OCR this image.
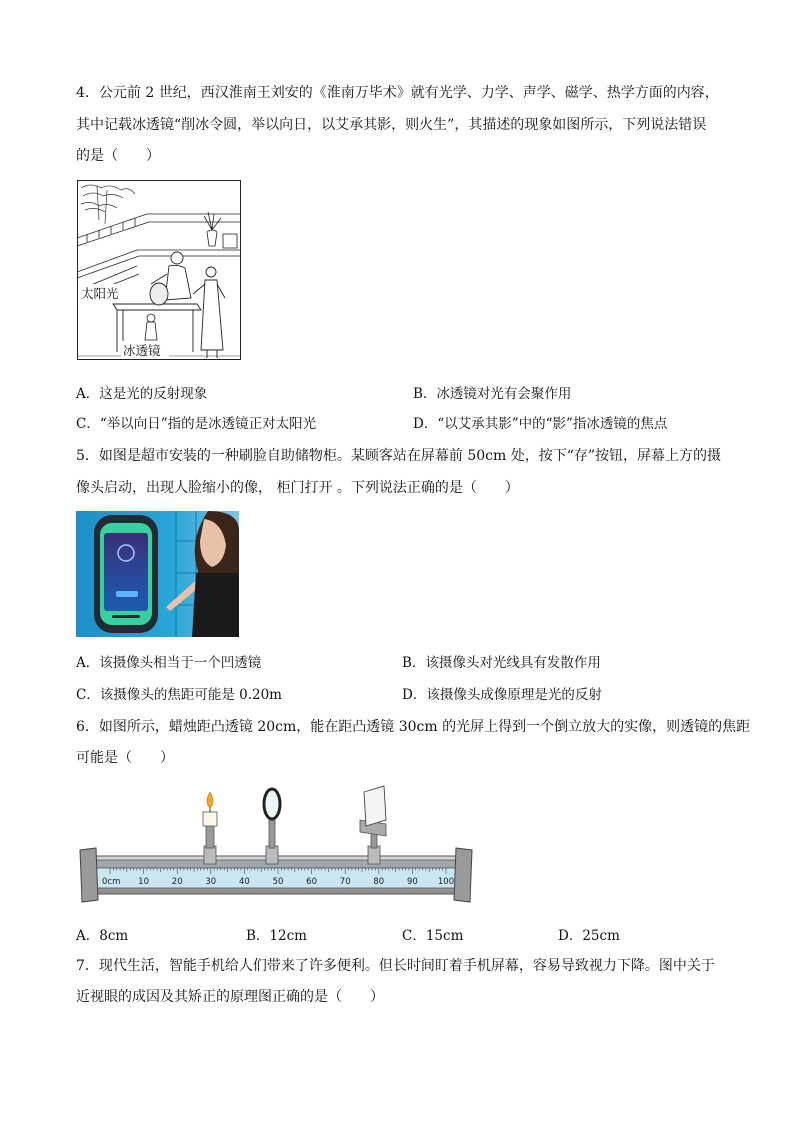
4．公元前 2 世纪，西汉淮南王刘安的《淮南万毕术》就有光学、力学、声学、磁学、热学方面的内容，
其中记载冰透镜“削冰令圆，举以向日，以艾承其影，则火生”，其描述的现象如图所示，下列说法错误
的是（　　）
太阳光
冰透镜
A．这是光的反射现象	B．冰透镜对光有会聚作用
C．“举以向日”指的是冰透镜正对太阳光	D．“以艾承其影”中的“影”指冰透镜的焦点
5．如图是超市安装的一种刷脸自助储物柜。某顾客站在屏幕前 50cm 处，按下“存”按钮，屏幕上方的摄
像头启动，出现人脸缩小的像， 柜门打开 。下列说法正确的是（　　）
A．该摄像头相当于一个凹透镜	B．该摄像头对光线具有发散作用
C．该摄像头的焦距可能是 0.20m	D．该摄像头成像原理是光的反射
6．如图所示，蜡烛距凸透镜 20cm，能在距凸透镜 30cm 的光屏上得到一个倒立放大的实像，则透镜的焦距
可能是（　　）
0cm 10	20	30	40	50	60	70	80	90 100
A．8cm	B．12cm	C．15cm	D．25cm
7．现代生活，智能手机给人们带来了许多便利。但长时间盯着手机屏幕，容易导致视力下降。图中关于
近视眼的成因及其矫正的原理图正确的是（　　）
